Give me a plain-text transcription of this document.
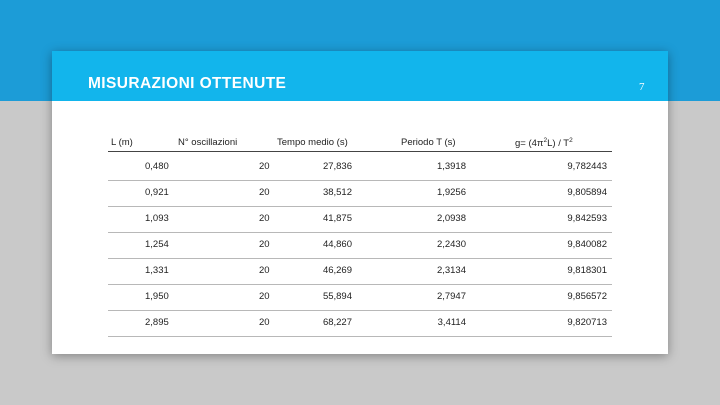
MISURAZIONI OTTENUTE	7
L (m)	N° oscillazioni	Tempo medio (s)	Periodo T (s)	$g= (4\pi^2L) / T^2$
0,480	20	27,836	1,3918	9,782443
0,921	20	38,512	1,9256	9,805894
1,093	20	41,875	2,0938	9,842593
1,254	20	44,860	2,2430	9,840082
1,331	20	46,269	2,3134	9,818301
1,950	20	55,894	2,7947	9,856572
2,895	20	68,227	3,4114	9,820713
